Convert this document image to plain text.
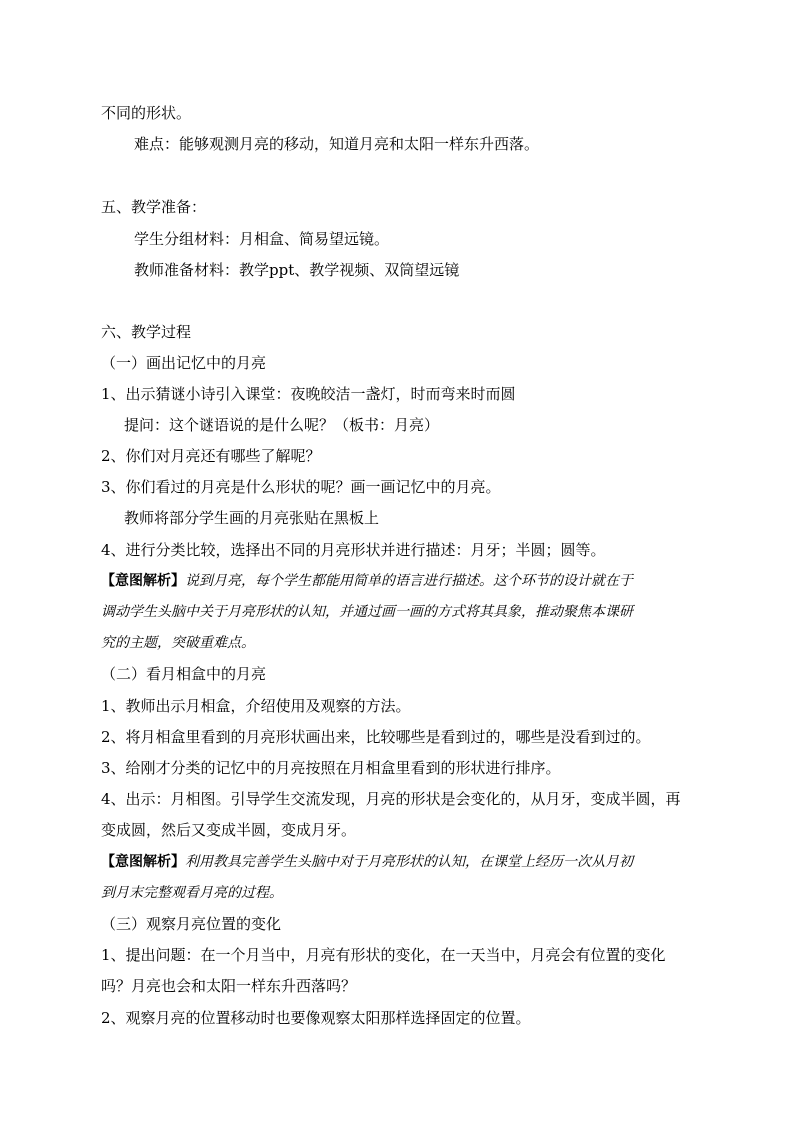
不同的形状。
难点：能够观测月亮的移动，知道月亮和太阳一样东升西落。
五、教学准备：
学生分组材料：月相盒、简易望远镜。
教师准备材料：教学ppt、教学视频、双筒望远镜
六、教学过程
（一）画出记忆中的月亮
1、出示猜谜小诗引入课堂：夜晚皎洁一盏灯，时而弯来时而圆
提问：这个谜语说的是什么呢？（板书：月亮）
2、你们对月亮还有哪些了解呢？
3、你们看过的月亮是什么形状的呢？画一画记忆中的月亮。
教师将部分学生画的月亮张贴在黑板上
4、进行分类比较，选择出不同的月亮形状并进行描述：月牙；半圆；圆等。
【意图解析】说到月亮，每个学生都能用简单的语言进行描述。这个环节的设计就在于
调动学生头脑中关于月亮形状的认知，并通过画一画的方式将其具象，推动聚焦本课研
究的主题，突破重难点。
（二）看月相盒中的月亮
1、教师出示月相盒，介绍使用及观察的方法。
2、将月相盒里看到的月亮形状画出来，比较哪些是看到过的，哪些是没看到过的。
3、给刚才分类的记忆中的月亮按照在月相盒里看到的形状进行排序。
4、出示：月相图。引导学生交流发现，月亮的形状是会变化的，从月牙，变成半圆，再
变成圆，然后又变成半圆，变成月牙。
【意图解析】利用教具完善学生头脑中对于月亮形状的认知，在课堂上经历一次从月初
到月末完整观看月亮的过程。
（三）观察月亮位置的变化
1、提出问题：在一个月当中，月亮有形状的变化，在一天当中，月亮会有位置的变化
吗？月亮也会和太阳一样东升西落吗？
2、观察月亮的位置移动时也要像观察太阳那样选择固定的位置。
